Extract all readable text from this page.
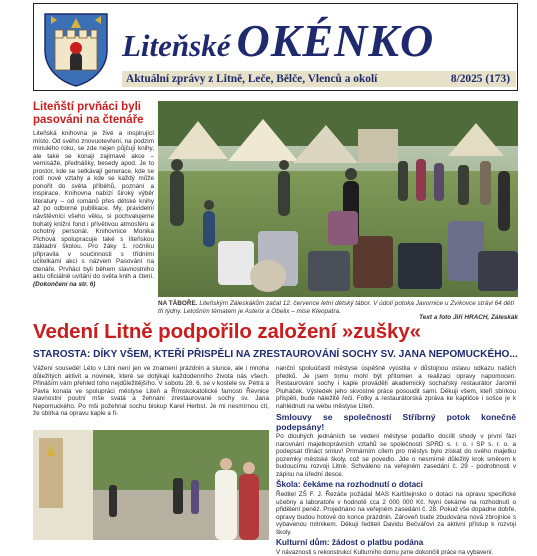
Liteňské OKÉNKO
Aktuální zprávy z Litně, Leče, Bělče, Vlenců a okolí	8/2025 (173)
Liteňští prvňáci byli pasováni na čtenáře
Liteňská knihovna je živé a inspirující místo. Od svého znovuotevření, na podzim minulého roku, se zde nejen půjčují knihy, ale také se konají zajímavé akce – vernisáže, přednášky, besedy apod. Je to prostor, kde se setkávají generace, kde se rodí nové vztahy a kde se každý může ponořit do světa příběhů, poznání a inspirace. Knihovna nabízí široký výběr literatury – od románů přes dětské knihy až po odborné publikace. My, pravidelní návštěvníci všeho věku, si pochvalujeme bohatý knižní fond i přívětivou atmosféru a ochotný personál. Knihovnice Monika Plchová spolupracuje také s liteňskou základní školou. Pro žáky 1. ročníku připravila v součinnosti s třídními učitelkami akci s názvem Pasování na čtenáře. Prvňáci byli během slavnostního aktu oficiálně uvítáni do světa knih a čtení. (Dokončení na str. 6)
NA TÁBOŘE. Liteňským Záleskákům začal 12. července letní dětský tábor. V údolí potoka Javornice u Zvíkovce strávi 64 dětí tři týdny. Letošním tématem je Asterix a Obelix – mise Kleopatra.
Text a foto Jiří HRACH, Záleskák
Vedení Litně podpořilo založení »zušky«
STAROSTA: DÍKY VŠEM, KTEŘÍ PŘISPĚLI NA ZRESTAUROVÁNÍ SOCHY SV. JANA NEPOMUCKÉHO...
Vážení sousedé! Léto v Litni není jen ve znamení prázdnin a slunce, ale i mnoha důležitých aktivit a novinek, které se dotýkají každodenního života nás všech. Přináším vám přehled toho nejdůležitějšího. V sobotu 28. 6. se v kostele sv. Petra a Pavla konala ve spolupráci městyse Liteň a Římskokatolické farnosti Řevnice slavnostní poutní mše svatá a žehnání zrestaurované sochy sv. Jana Nepomuckého. Po mši požehnal sochu biskup Karel Herbst. Je mi nesmírnou ctí, že sbírka na opravu kaple a fi-
nanční spoluúčasti městyse úspěšně vyústila v důstojnou oslavu odkazu našich předků. Je jsem tomu mohl být přítomen a realizaci opravy napomocen. Restaurování sochy i kaple provádělí akademický sochařský restaurátor Jaromil Pluháček. Výsledek jeho skvostné práce posoudit sami. Děkuji všem, kteří sbírkou přispěli, bude náležitě řeči. Fotky a restaurátorská zpráva ke kapličce i sošce je k nahlédnutí na webu městyse Liteň.
Smlouvy se společností Stříbrný potok konečně podepsány!
Po dlouhých jednáních se vedení městyse podařilo docílit shody v první fázi narovnání majetkoprávních vztahů se společností SPRD s. r. o. i SP s. r. o. a podepsat třináct smluv! Primárním cílem pro městys bylo získat do svého majetku pozemky městské školy, což se povedlo. Jde o nesmírně důležitý krok směrem k budoucímu rozvoji Litně. Schváleno na veřejném zasedání č. 29 - podrobnosti v zápisu na úřední desce.
Škola: čekáme na rozhodnutí o dotaci
Ředitel ZŠ F. J. Řezáče požádal MAS Karlštejnsko o dotaci na opravu specifické učebny a laboratoře v hodnotě cca 2 000 000 Kč. Nyní čekáme na rozhodnutí o přidělení peněz. Projednáno na veřejném zasedání č. 28. Pokud vše dopadne dobře, opravy budou hotové do konce prázdnin. Zároveň bude zbudována nová zbrojnice s vybavenou mítnikem. Děkuji řediteli Davidu Bečvářovi za aktivní přístup k rozvoji školy.
Kulturní dům: žádost o platbu podána
V návaznosti s rekonstrukcí Kulturního domu jsme dokončili práce na vybavení.
